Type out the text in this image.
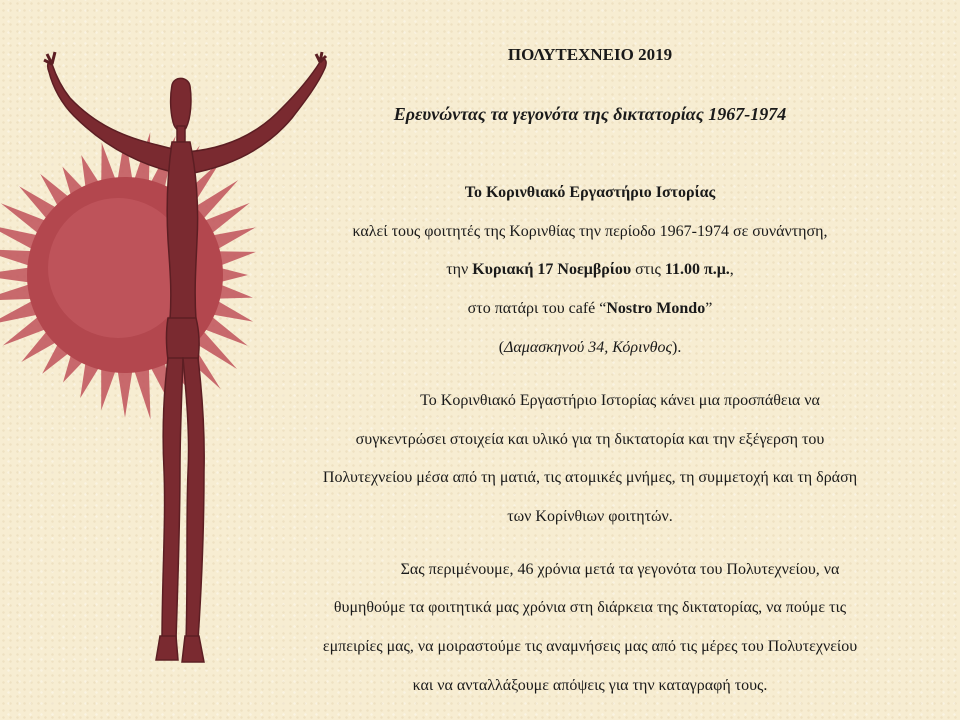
ΠΟΛΥΤΕΧΝΕΙΟ 2019
Ερευνώντας τα γεγονότα της δικτατορίας 1967-1974
Το Κορινθιακό Εργαστήριο Ιστορίας
καλεί τους φοιτητές της Κορινθίας την περίοδο 1967-1974 σε συνάντηση,
την Κυριακή 17 Νοεμβρίου στις 11.00 π.μ.,
στο πατάρι του café “Nostro Mondo”
(Δαμασκηνού 34, Κόρινθος).
Το Κορινθιακό Εργαστήριο Ιστορίας κάνει μια προσπάθεια να
συγκεντρώσει στοιχεία και υλικό για τη δικτατορία και την εξέγερση του
Πολυτεχνείου μέσα από τη ματιά, τις ατομικές μνήμες, τη συμμετοχή και τη δράση
των Κορίνθιων φοιτητών.
Σας περιμένουμε, 46 χρόνια μετά τα γεγονότα του Πολυτεχνείου, να
θυμηθούμε τα φοιτητικά μας χρόνια στη διάρκεια της δικτατορίας, να πούμε τις
εμπειρίες μας, να μοιραστούμε τις αναμνήσεις μας από τις μέρες του Πολυτεχνείου
και να ανταλλάξουμε απόψεις για την καταγραφή τους.
